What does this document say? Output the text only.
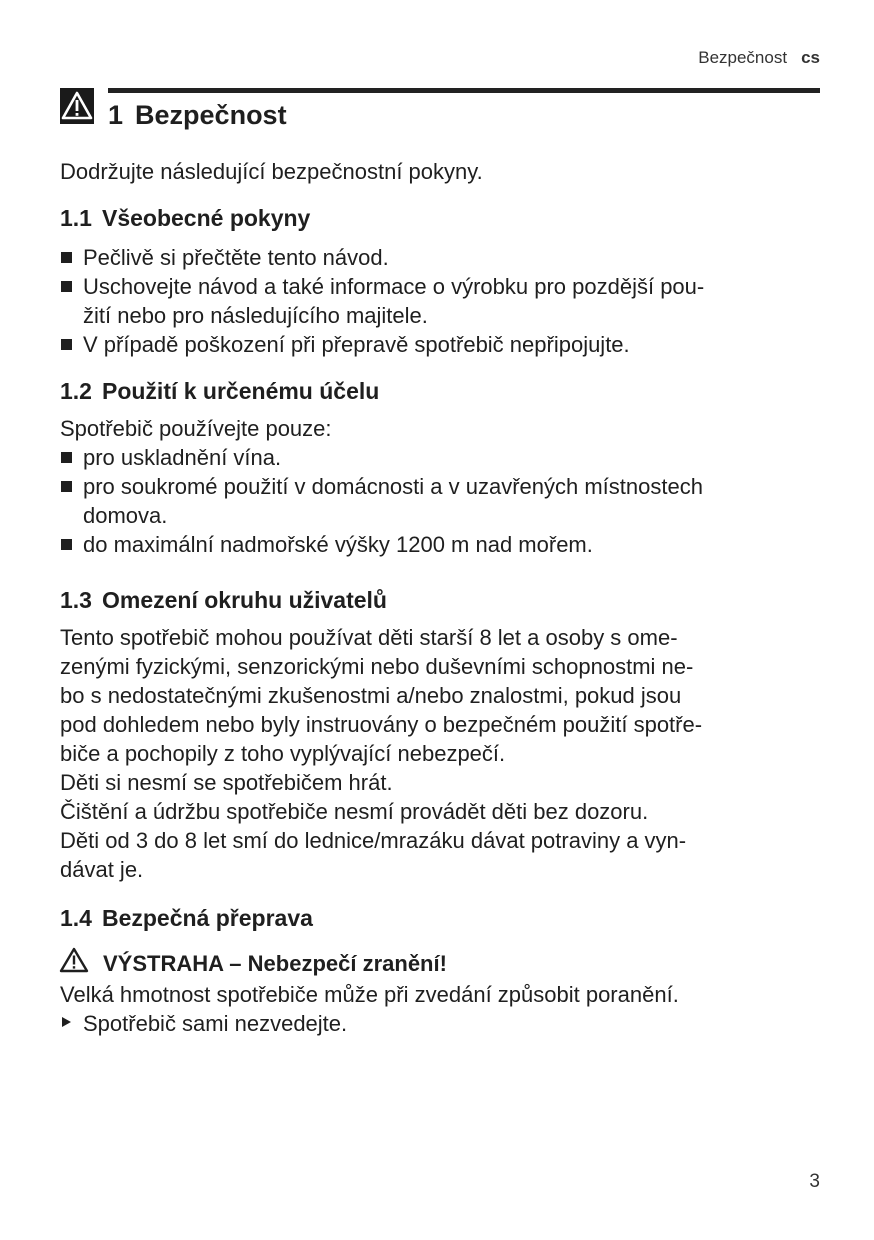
Bezpečnost cs
1 Bezpečnost

Dodržujte následující bezpečnostní pokyny.

1.1 Všeobecné pokyny
Pečlivě si přečtěte tento návod.
Uschovejte návod a také informace o výrobku pro pozdější pou-
žití nebo pro následujícího majitele.
V případě poškození při přepravě spotřebič nepřipojujte.
1.2 Použití k určenému účelu

Spotřebič používejte pouze:

pro uskladnění vína.
pro soukromé použití v domácnosti a v uzavřených místnostech
domova.
do maximální nadmořské výšky 1200 m nad mořem.
1.3 Omezení okruhu uživatelů

Tento spotřebič mohou používat děti starší 8 let a osoby s ome-
zenými fyzickými, senzorickými nebo duševními schopnostmi ne-
bo s nedostatečnými zkušenostmi a/nebo znalostmi, pokud jsou
pod dohledem nebo byly instruovány o bezpečném použití spotře-
biče a pochopily z toho vyplývající nebezpečí.

Děti si nesmí se spotřebičem hrát.

Čištění a údržbu spotřebiče nesmí provádět děti bez dozoru.

Děti od 3 do 8 let smí do lednice/mrazáku dávat potraviny a vyn-
dávat je.

1.4 Bezpečná přeprava

VÝSTRAHA – Nebezpečí zranění!

Velká hmotnost spotřebiče může při zvedání způsobit poranění.

Spotřebič sami nezvedejte.
3
